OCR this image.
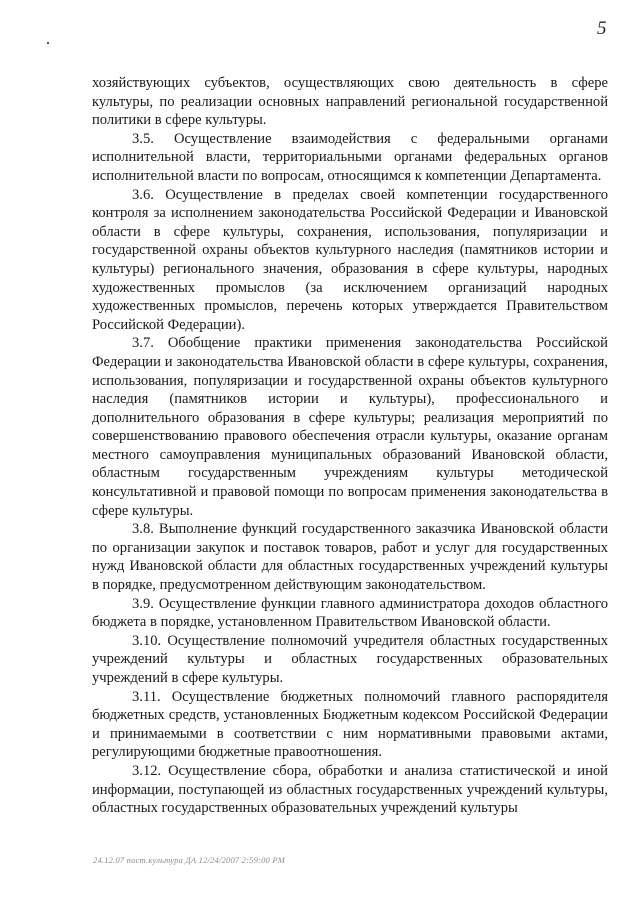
5

хозяйствующих субъектов, осуществляющих свою деятельность в сфере культуры, по реализации основных направлений региональной государственной политики в сфере культуры.

3.5. Осуществление взаимодействия с федеральными органами исполнительной власти, территориальными органами федеральных органов исполнительной власти по вопросам, относящимся к компетенции Департамента.

3.6. Осуществление в пределах своей компетенции государственного контроля за исполнением законодательства Российской Федерации и Ивановской области в сфере культуры, сохранения, использования, популяризации и государственной охраны объектов культурного наследия (памятников истории и культуры) регионального значения, образования в сфере культуры, народных художественных промыслов (за исключением организаций народных художественных промыслов, перечень которых утверждается Правительством Российской Федерации).

3.7. Обобщение практики применения законодательства Российской Федерации и законодательства Ивановской области в сфере культуры, сохранения, использования, популяризации и государственной охраны объектов культурного наследия (памятников истории и культуры), профессионального и дополнительного образования в сфере культуры; реализация мероприятий по совершенствованию правового обеспечения отрасли культуры, оказание органам местного самоуправления муниципальных образований Ивановской области, областным государственным учреждениям культуры методической консультативной и правовой помощи по вопросам применения законодательства в сфере культуры.

3.8. Выполнение функций государственного заказчика Ивановской области по организации закупок и поставок товаров, работ и услуг для государственных нужд Ивановской области для областных государственных учреждений культуры в порядке, предусмотренном действующим законодательством.

3.9. Осуществление функции главного администратора доходов областного бюджета в порядке, установленном Правительством Ивановской области.

3.10. Осуществление полномочий учредителя областных государственных учреждений культуры и областных государственных образовательных учреждений в сфере культуры.

3.11. Осуществление бюджетных полномочий главного распорядителя бюджетных средств, установленных Бюджетным кодексом Российской Федерации и принимаемыми в соответствии с ним нормативными правовыми актами, регулирующими бюджетные правоотношения.

3.12. Осуществление сбора, обработки и анализа статистической и иной информации, поступающей из областных государственных учреждений культуры, областных государственных образовательных учреждений культуры

24.12.07 пост.культура ДА 12/24/2007 2:59:00 PM
